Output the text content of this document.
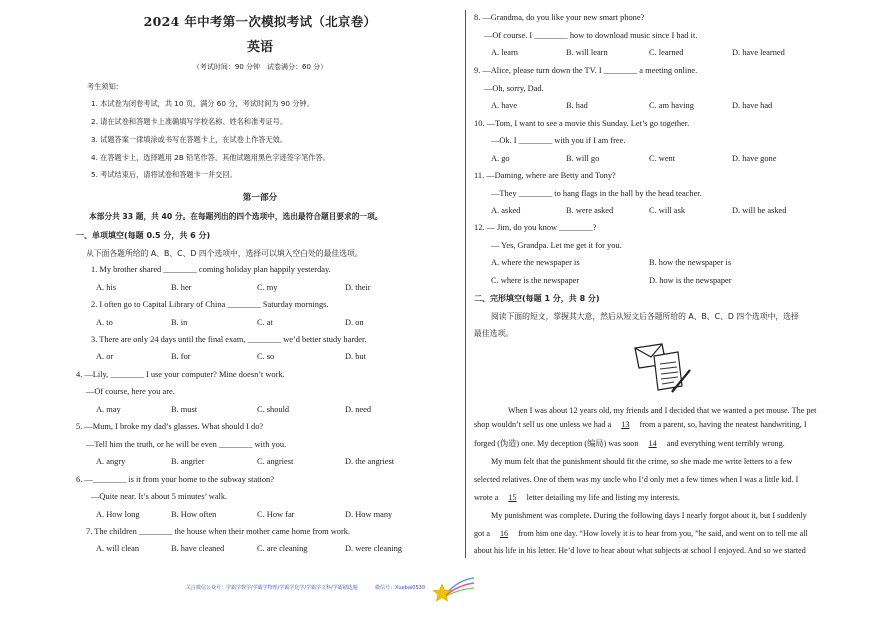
2024 年中考第一次模拟考试（北京卷）
英语
（考试时间：90 分钟　试卷满分：60 分）
考生须知：
1. 本试卷为闭卷考试，共 10 页，满分 60 分，考试时间为 90 分钟。
2. 请在试卷和答题卡上准确填写学校名称、姓名和准考证号。
3. 试题答案一律填涂或书写在答题卡上，在试卷上作答无效。
4. 在答题卡上，选择题用 2B 铅笔作答，其他试题用黑色字迹签字笔作答。
5. 考试结束后，请将试卷和答题卡一并交回。
第一部分
本部分共 33 题，共 40 分。在每题列出的四个选项中，选出最符合题目要求的一项。
一、单项填空(每题 0.5 分，共 6 分)
从下面各题所给的 A、B、C、D 四个选项中，选择可以填入空白处的最佳选项。
1. My brother shared ________ coming holiday plan happily yesterday.
A. his	B. her	C. my	D. their
2. I often go to Capital Library of China ________ Saturday mornings.
A. to	B. in	C. at	D. on
3. There are only 24 days until the final exam, ________ we’d better study harder.
A. or	B. for	C. so	D. but
4. —Lily, ________ I use your computer? Mine doesn’t work.
—Of course, here you are.
A. may	B. must	C. should	D. need
5. —Mum, I broke my dad’s glasses. What should I do?
—Tell him the truth, or he will be even ________ with you.
A. angry	B. angrier	C. angriest	D. the angriest
6. —________ is it from your home to the subway station?
—Quite near. It’s about 5 minutes’ walk.
A. How long	B. How often	C. How far	D. How many
7. The children ________ the house when their mother came home from work.
A. will clean	B. have cleaned	C. are cleaning	D. were cleaning
8. —Grandma, do you like your new smart phone?
—Of course. I ________ how to download music since I had it.
A. learn	B. will learn	C. learned	D. have learned
9. —Alice, please turn down the TV. I ________ a meeting online.
—Oh, sorry, Dad.
A. have	B. had	C. am having	D. have had
10. —Tom, I want to see a movie this Sunday. Let’s go together.
—Ok. I ________ with you if I am free.
A. go	B. will go	C. went	D. have gone
11. —Daming, where are Betty and Tony?
—They ________ to hang flags in the hall by the head teacher.
A. asked	B. were asked	C. will ask	D. will be asked
12. — Jim, do you know ________?
— Yes, Grandpa. Let me get it for you.
A. where the newspaper is	B. how the newspaper is
C. where is the newspaper	D. how is the newspaper
二、完形填空(每题 1 分，共 8 分)
阅读下面的短文，掌握其大意，然后从短文后各题所给的 A、B、C、D 四个选项中，选择
最佳选项。
When I was about 12 years old, my friends and I decided that we wanted a pet mouse. The pet
shop wouldn’t sell us one unless we had a 13 from a parent, so, having the neatest handwriting, I
forged (伪造) one. My deception (编局) was soon 14 and everything went terribly wrong.
My mum felt that the punishment should fit the crime, so she made me write letters to a few
selected relatives. One of them was my uncle who I’d only met a few times when I was a little kid. I
wrote a 15 letter detailing my life and listing my interests.
My punishment was complete. During the following days I nearly forgot about it, but I suddenly
got a 16 from him one day. “How lovely it is to hear from you, ”he said, and went on to tell me all
about his life in his letter. He’d love to hear about what subjects at school I enjoyed. And so we started
关注微信公众号：学霸学数学/学霸学物理/学霸学化学/学霸学文科/学霸刷选题	微信号：Xuebai0530
